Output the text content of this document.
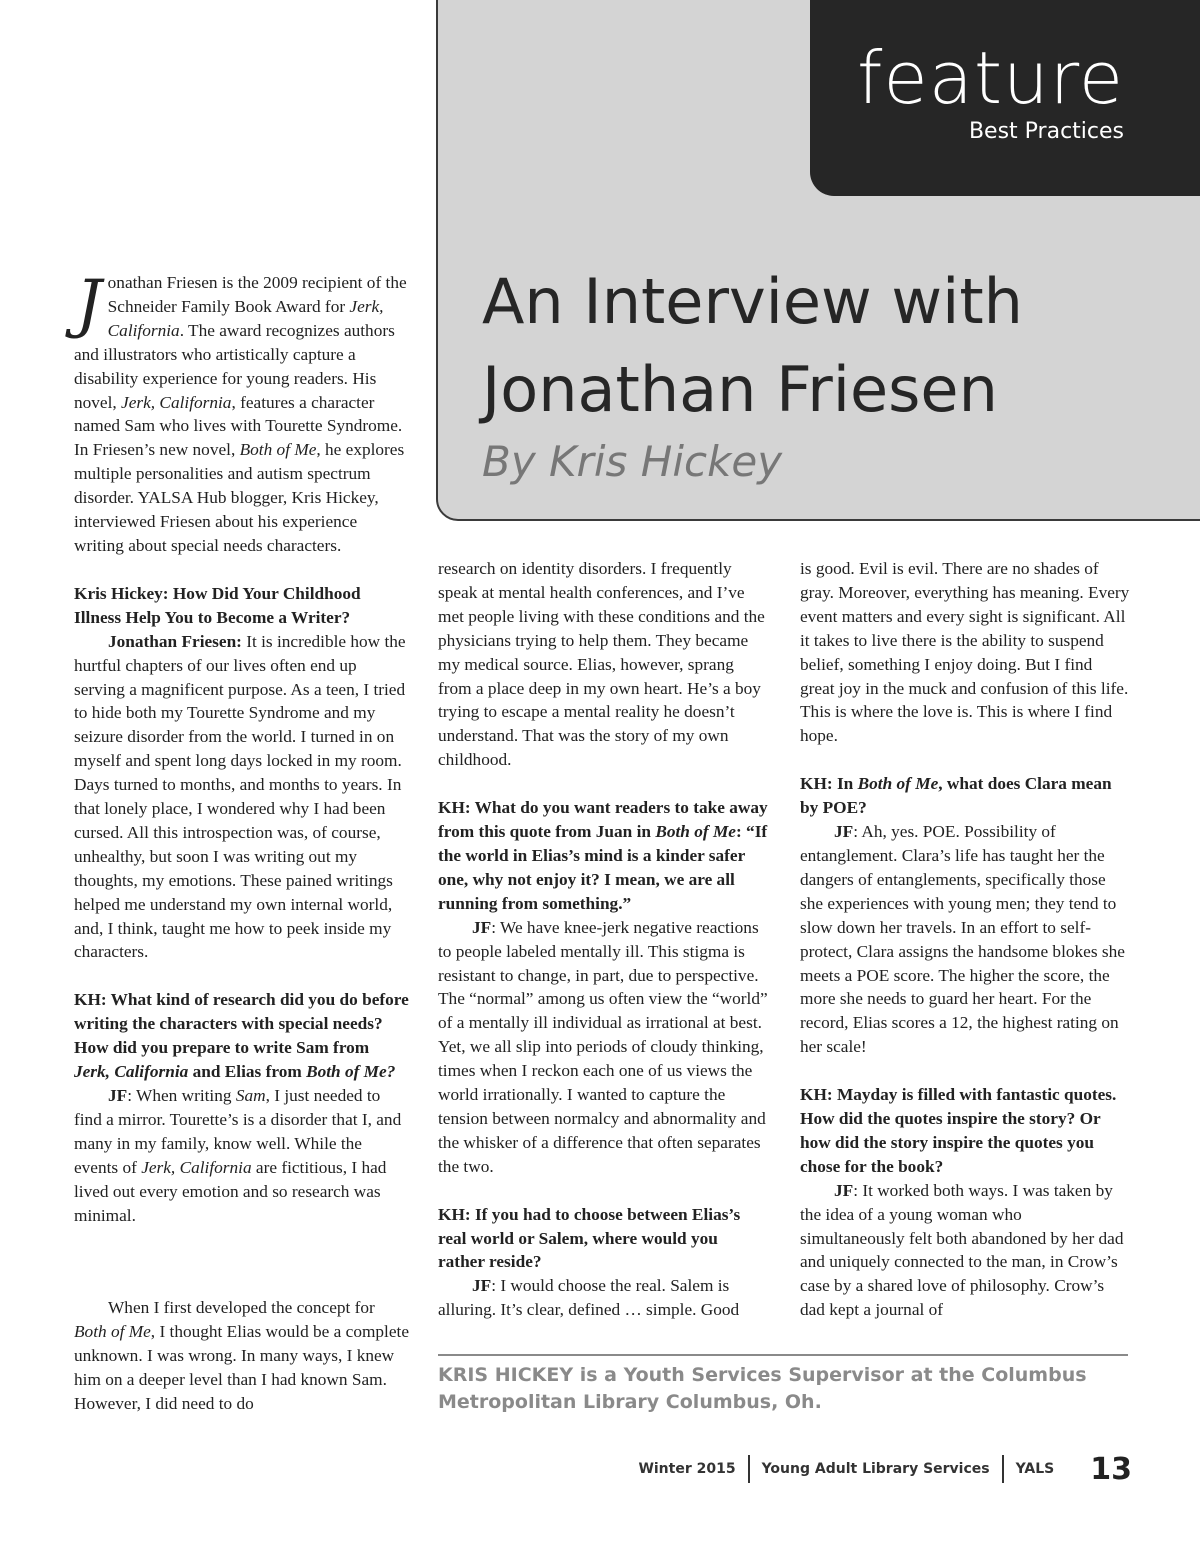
feature
Best Practices
An Interview with
Jonathan Friesen
By Kris Hickey

Jonathan Friesen is the 2009 recipient of the Schneider Family Book Award for Jerk, California. The award recognizes authors and illustrators who artistically capture a disability experience for young readers. His novel, Jerk, California, features a character named Sam who lives with Tourette Syndrome. In Friesen’s new novel, Both of Me, he explores multiple personalities and autism spectrum disorder. YALSA Hub blogger, Kris Hickey, interviewed Friesen about his experience writing about special needs characters.

Kris Hickey: How Did Your Childhood Illness Help You to Become a Writer?

Jonathan Friesen: It is incredible how the hurtful chapters of our lives often end up serving a magnificent purpose. As a teen, I tried to hide both my Tourette Syndrome and my seizure disorder from the world. I turned in on myself and spent long days locked in my room. Days turned to months, and months to years. In that lonely place, I wondered why I had been cursed. All this introspection was, of course, unhealthy, but soon I was writing out my thoughts, my emotions. These pained writings helped me understand my own internal world, and, I think, taught me how to peek inside my characters.

KH: What kind of research did you do before writing the characters with special needs? How did you prepare to write Sam from Jerk, California and Elias from Both of Me?

JF: When writing Sam, I just needed to find a mirror. Tourette’s is a disorder that I, and many in my family, know well. While the events of Jerk, California are fictitious, I had lived out every emotion and so research was minimal.

When I first developed the concept for Both of Me, I thought Elias would be a complete unknown. I was wrong. In many ways, I knew him on a deeper level than I had known Sam. However, I did need to do

research on identity disorders. I frequently speak at mental health conferences, and I’ve met people living with these conditions and the physicians trying to help them. They became my medical source. Elias, however, sprang from a place deep in my own heart. He’s a boy trying to escape a mental reality he doesn’t understand. That was the story of my own childhood.

KH: What do you want readers to take away from this quote from Juan in Both of Me: “If the world in Elias’s mind is a kinder safer one, why not enjoy it? I mean, we are all running from something.”

JF: We have knee-jerk negative reactions to people labeled mentally ill. This stigma is resistant to change, in part, due to perspective. The “normal” among us often view the “world” of a mentally ill individual as irrational at best. Yet, we all slip into periods of cloudy thinking, times when I reckon each one of us views the world irrationally. I wanted to capture the tension between normalcy and abnormality and the whisker of a difference that often separates the two.

KH: If you had to choose between Elias’s real world or Salem, where would you rather reside?

JF: I would choose the real. Salem is alluring. It’s clear, defined … simple. Good

is good. Evil is evil. There are no shades of gray. Moreover, everything has meaning. Every event matters and every sight is significant. All it takes to live there is the ability to suspend belief, something I enjoy doing. But I find great joy in the muck and confusion of this life. This is where the love is. This is where I find hope.

KH: In Both of Me, what does Clara mean by POE?

JF: Ah, yes. POE. Possibility of entanglement. Clara’s life has taught her the dangers of entanglements, specifically those she experiences with young men; they tend to slow down her travels. In an effort to self-protect, Clara assigns the handsome blokes she meets a POE score. The higher the score, the more she needs to guard her heart. For the record, Elias scores a 12, the highest rating on her scale!

KH: Mayday is filled with fantastic quotes. How did the quotes inspire the story? Or how did the story inspire the quotes you chose for the book?

JF: It worked both ways. I was taken by the idea of a young woman who simultaneously felt both abandoned by her dad and uniquely connected to the man, in Crow’s case by a shared love of philosophy. Crow’s dad kept a journal of

KRIS HICKEY is a Youth Services Supervisor at the Columbus Metropolitan Library Columbus, Oh.

Winter 2015 Young Adult Library Services YALS 13
